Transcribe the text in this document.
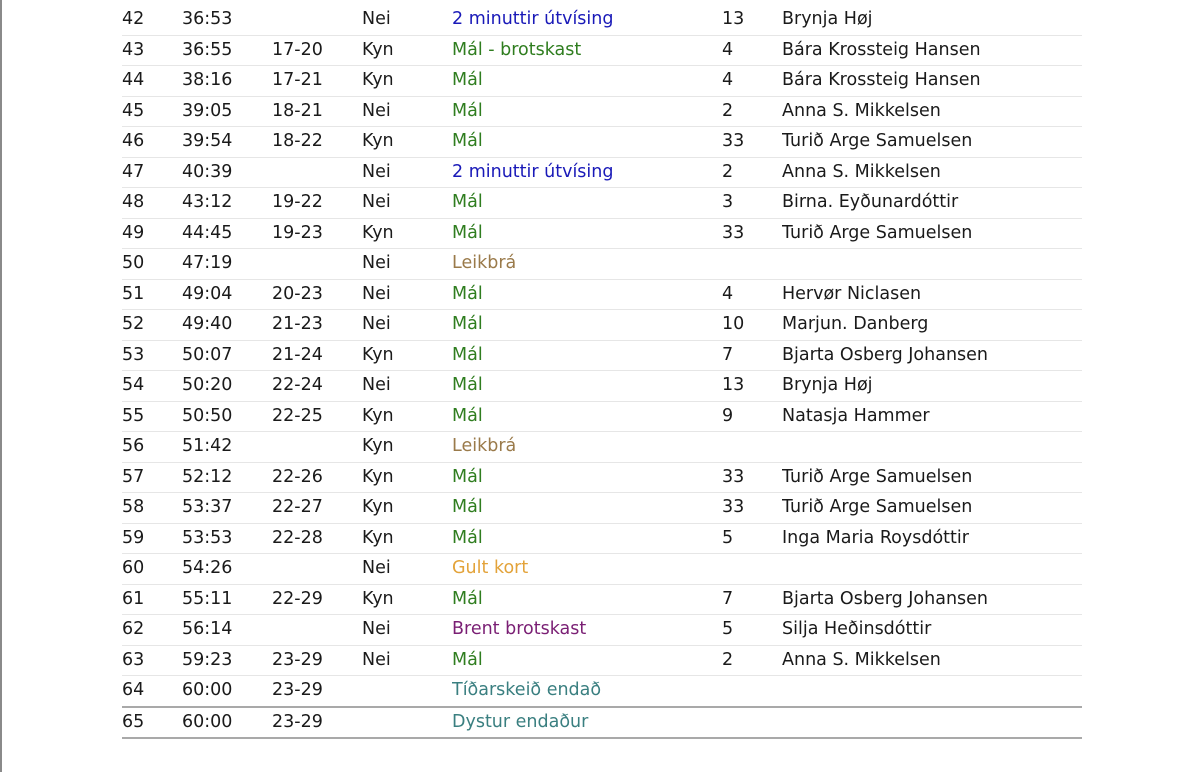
42	36:53		Nei	2 minuttir útvísing	13	Brynja Høj
43	36:55	17-20	Kyn	Mál - brotskast	4	Bára Krossteig Hansen
44	38:16	17-21	Kyn	Mál	4	Bára Krossteig Hansen
45	39:05	18-21	Nei	Mál	2	Anna S. Mikkelsen
46	39:54	18-22	Kyn	Mál	33	Turið Arge Samuelsen
47	40:39		Nei	2 minuttir útvísing	2	Anna S. Mikkelsen
48	43:12	19-22	Nei	Mál	3	Birna. Eyðunardóttir
49	44:45	19-23	Kyn	Mál	33	Turið Arge Samuelsen
50	47:19		Nei	Leikbrá		
51	49:04	20-23	Nei	Mál	4	Hervør Niclasen
52	49:40	21-23	Nei	Mál	10	Marjun. Danberg
53	50:07	21-24	Kyn	Mál	7	Bjarta Osberg Johansen
54	50:20	22-24	Nei	Mál	13	Brynja Høj
55	50:50	22-25	Kyn	Mál	9	Natasja Hammer
56	51:42		Kyn	Leikbrá		
57	52:12	22-26	Kyn	Mál	33	Turið Arge Samuelsen
58	53:37	22-27	Kyn	Mál	33	Turið Arge Samuelsen
59	53:53	22-28	Kyn	Mál	5	Inga Maria Roysdóttir
60	54:26		Nei	Gult kort		
61	55:11	22-29	Kyn	Mál	7	Bjarta Osberg Johansen
62	56:14		Nei	Brent brotskast	5	Silja Heðinsdóttir
63	59:23	23-29	Nei	Mál	2	Anna S. Mikkelsen
64	60:00	23-29		Tíðarskeið endað		
65	60:00	23-29		Dystur endaður		
